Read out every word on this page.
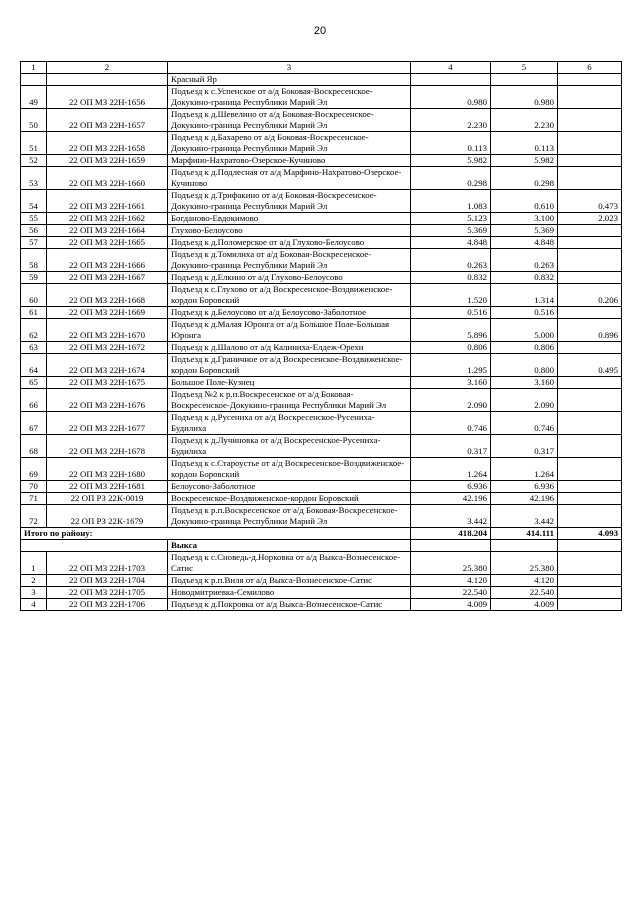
20
1	2	3	4	5	6
		Красный Яр			
49	22 ОП МЗ 22Н-1656	Подъезд к с.Успенское от а/д Боковая-Воскресенское-Докукино-граница Республики Марий Эл	0.980	0.980	
50	22 ОП МЗ 22Н-1657	Подъезд к д.Шевелино от а/д Боковая-Воскресенское-Докукино-граница Республики Марий Эл	2.230	2.230	
51	22 ОП МЗ 22Н-1658	Подъезд к д.Бахарево от а/д Боковая-Воскресенское-Докукино-граница Республики Марий Эл	0.113	0.113	
52	22 ОП МЗ 22Н-1659	Марфино-Нахратово-Озерское-Кучиново	5.982	5.982	
53	22 ОП МЗ 22Н-1660	Подъезд к д.Подлесная от а/д Марфино-Нахратово-Озерское-Кучиново	0.298	0.298	
54	22 ОП МЗ 22Н-1661	Подъезд к д.Трифакино от а/д Боковая-Воскресенское-Докукино-граница Республики Марий Эл	1.083	0.610	0.473
55	22 ОП МЗ 22Н-1662	Богданово-Евдокимово	5.123	3.100	2.023
56	22 ОП МЗ 22Н-1664	Глухово-Белоусово	5.369	5.369	
57	22 ОП МЗ 22Н-1665	Подъезд к д.Поломерское от а/д Глухово-Белоусово	4.848	4.848	
58	22 ОП МЗ 22Н-1666	Подъезд к д.Томилиха от а/д Боковая-Воскресенское-Докукино-граница Республики Марий Эл	0.263	0.263	
59	22 ОП МЗ 22Н-1667	Подъезд к д.Елкино от а/д Глухово-Белоусово	0.832	0.832	
60	22 ОП МЗ 22Н-1668	Подъезд к с.Глухово от а/д Воскресенское-Воздвиженское-кордон Боровский	1.520	1.314	0.206
61	22 ОП МЗ 22Н-1669	Подъезд к д.Белоусово от а/д Белоусово-Заболотное	0.516	0.516	
62	22 ОП МЗ 22Н-1670	Подъезд к д.Малая Юронга от а/д Большое Поле-Большая Юронга	5.896	5.000	0.896
63	22 ОП МЗ 22Н-1672	Подъезд к д.Шалово от а/д Калиниха-Елдеж-Орехи	0.806	0.806	
64	22 ОП МЗ 22Н-1674	Подъезд к д.Граничное от а/д Воскресенское-Воздвиженское-кордон Боровский	1.295	0.800	0.495
65	22 ОП МЗ 22Н-1675	Большое Поле-Кузнец	3.160	3.160	
66	22 ОП МЗ 22Н-1676	Подъезд №2 к р.п.Воскресенское от а/д Боковая-Воскресенское-Докукино-граница Республики Марий Эл	2.090	2.090	
67	22 ОП МЗ 22Н-1677	Подъезд к д.Русениха от а/д Воскресенское-Русениха-Будилиха	0.746	0.746	
68	22 ОП МЗ 22Н-1678	Подъезд к д.Лучиновка от а/д Воскресенское-Русениха-Будилиха	0.317	0.317	
69	22 ОП МЗ 22Н-1680	Подъезд к с.Староустье от а/д Воскресенское-Воздвиженское-кордон Боровский	1.264	1.264	
70	22 ОП МЗ 22Н-1681	Белоусово-Заболотное	6.936	6.936	
71	22 ОП РЗ 22К-0019	Воскресенское-Воздвиженское-кордон Боровский	42.196	42.196	
72	22 ОП РЗ 22К-1679	Подъезд к р.п.Воскресенское от а/д Боковая-Воскресенское-Докукино-граница Республики Марий Эл	3.442	3.442	
Итого по району:			418.204	414.111	4.093
		Выкса			
1	22 ОП МЗ 22Н-1703	Подъезд к с.Сноведь-д.Норковка от а/д Выкса-Вознесенское-Сатис	25.380	25.380	
2	22 ОП МЗ 22Н-1704	Подъезд к р.п.Виля от а/д Выкса-Вознесенское-Сатис	4.120	4.120	
3	22 ОП МЗ 22Н-1705	Новодмитриевка-Семилово	22.540	22.540	
4	22 ОП МЗ 22Н-1706	Подъезд к д.Покровка от а/д Выкса-Вознесенское-Сатис	4.009	4.009	
